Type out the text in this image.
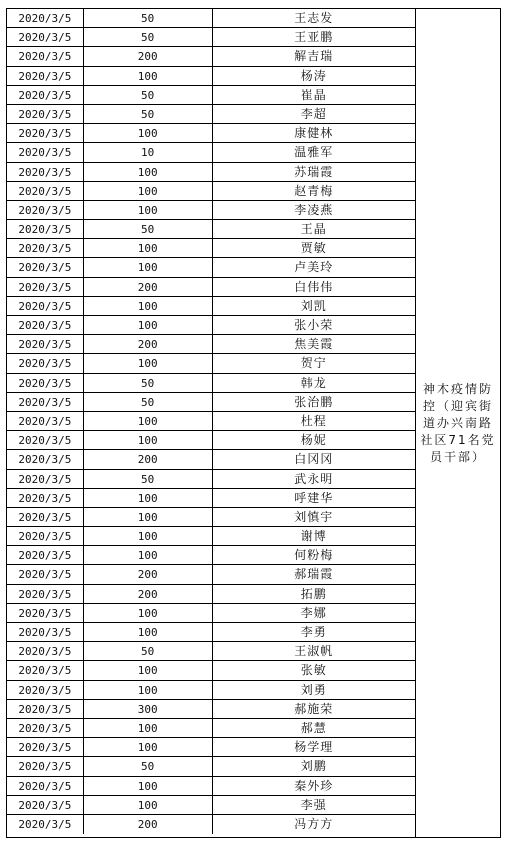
2020/3/5	50	王志发
2020/3/5	50	王亚鹏
2020/3/5	200	解吉瑞
2020/3/5	100	杨涛
2020/3/5	50	崔晶
2020/3/5	50	李超
2020/3/5	100	康健林
2020/3/5	10	温雅军
2020/3/5	100	苏瑞霞
2020/3/5	100	赵青梅
2020/3/5	100	李凌燕
2020/3/5	50	王晶
2020/3/5	100	贾敏
2020/3/5	100	卢美玲
2020/3/5	200	白伟伟
2020/3/5	100	刘凯
2020/3/5	100	张小荣
2020/3/5	200	焦美霞
2020/3/5	100	贺宁
2020/3/5	50	韩龙
2020/3/5	50	张治鹏
2020/3/5	100	杜程
2020/3/5	100	杨妮
2020/3/5	200	白冈冈
2020/3/5	50	武永明
2020/3/5	100	呼建华
2020/3/5	100	刘慎宇
2020/3/5	100	谢博
2020/3/5	100	何粉梅
2020/3/5	200	郝瑞霞
2020/3/5	200	拓鹏
2020/3/5	100	李娜
2020/3/5	100	李勇
2020/3/5	50	王淑帆
2020/3/5	100	张敏
2020/3/5	100	刘勇
2020/3/5	300	郝施荣
2020/3/5	100	郝慧
2020/3/5	100	杨学理
2020/3/5	50	刘鹏
2020/3/5	100	秦外珍
2020/3/5	100	李强
2020/3/5	200	冯方方
神木疫情防控（迎宾街道办兴南路社区71名党员干部）
